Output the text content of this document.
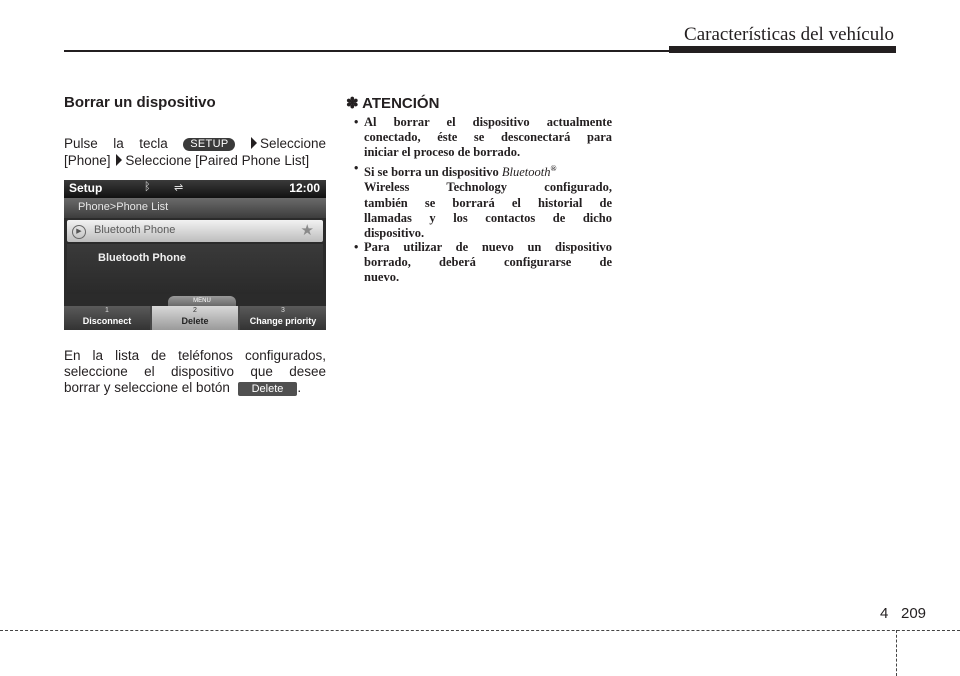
Características del vehículo
Borrar un dispositivo
Pulse la tecla	SETUP	Seleccione
[Phone] Seleccione [Paired Phone List]
Setup	ᛒ ⇌	12:00
Phone>Phone List
▶	Bluetooth Phone	★
Bluetooth Phone
MENU
1
Disconnect
2
Delete
3
Change priority
En la lista de teléfonos configurados,
seleccione el dispositivo que desee
borrar y seleccione el botón Delete .
✽ ATENCIÓN
• Al borrar el dispositivo actualmente
conectado, éste se desconectará para
iniciar el proceso de borrado.
• Si se borra un dispositivo Bluetooth®
Wireless Technology configurado,
también se borrará el historial de
llamadas y los contactos de dicho
dispositivo.
• Para utilizar de nuevo un dispositivo
borrado, deberá configurarse de
nuevo.
4 209
